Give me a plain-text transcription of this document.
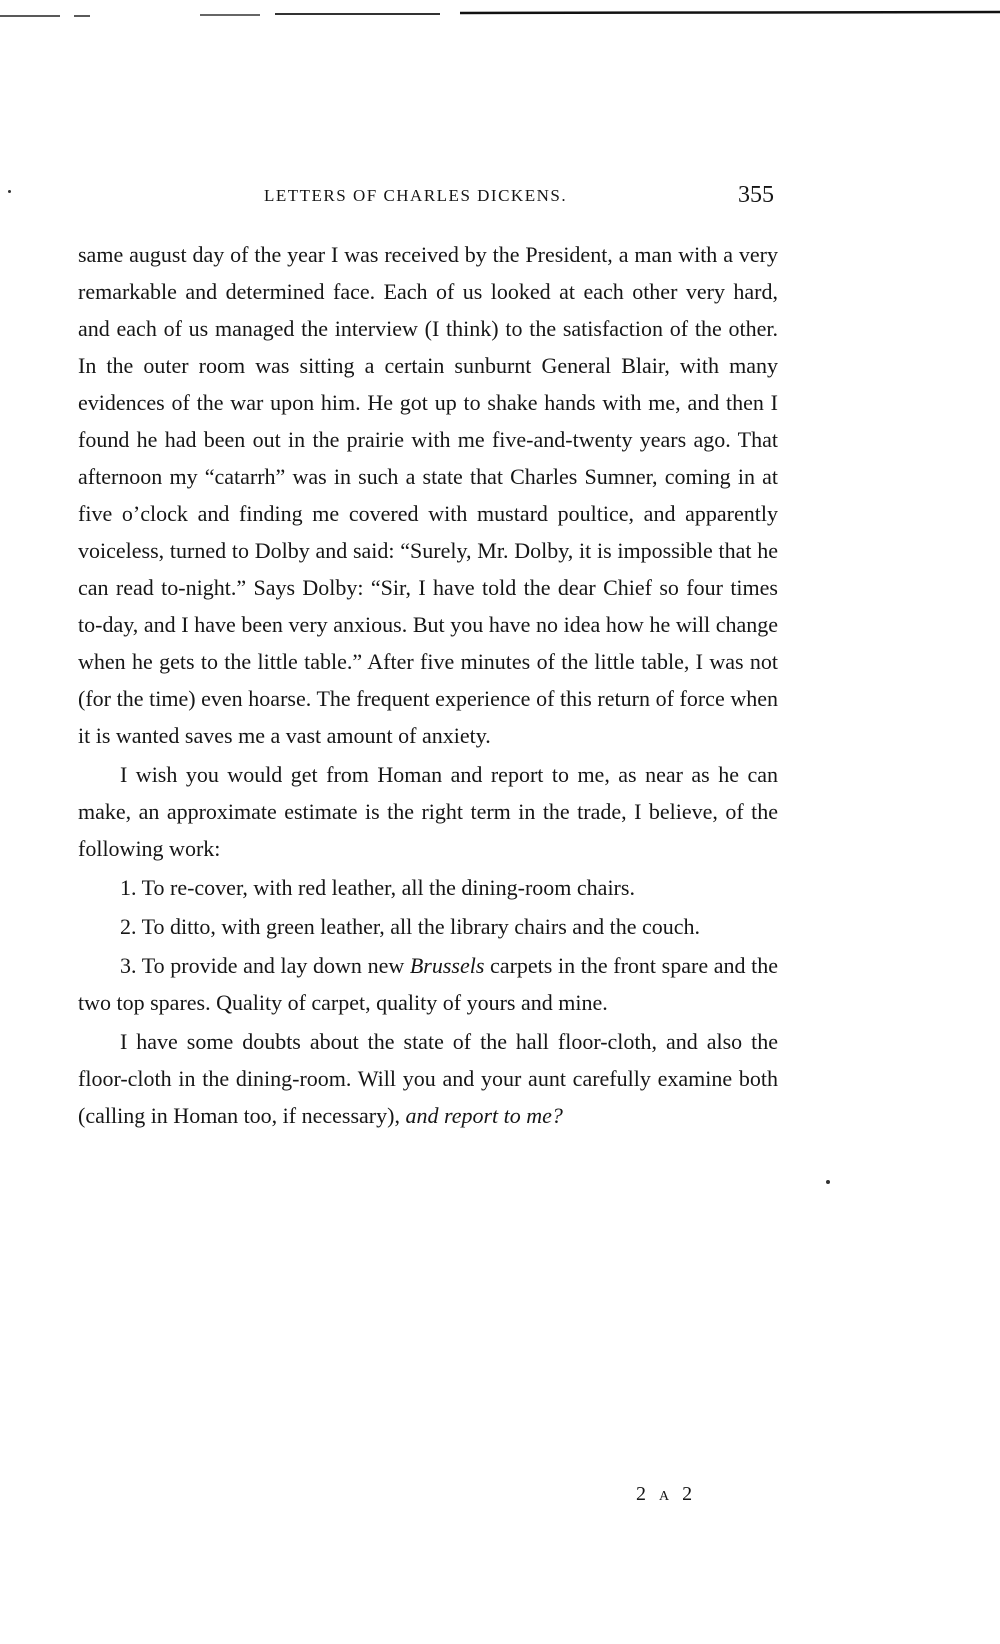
LETTERS OF CHARLES DICKENS.	355

same august day of the year I was received by the President, a man with a very remarkable and determined face. Each of us looked at each other very hard, and each of us managed the interview (I think) to the satisfaction of the other. In the outer room was sitting a certain sunburnt General Blair, with many evidences of the war upon him. He got up to shake hands with me, and then I found he had been out in the prairie with me five-and-twenty years ago. That afternoon my “catarrh” was in such a state that Charles Sumner, coming in at five o’clock and finding me covered with mustard poultice, and apparently voiceless, turned to Dolby and said: “Surely, Mr. Dolby, it is impossible that he can read to-night.” Says Dolby: “Sir, I have told the dear Chief so four times to-day, and I have been very anxious. But you have no idea how he will change when he gets to the little table.” After five minutes of the little table, I was not (for the time) even hoarse. The frequent experience of this return of force when it is wanted saves me a vast amount of anxiety.

I wish you would get from Homan and report to me, as near as he can make, an approximate estimate is the right term in the trade, I believe, of the following work:

1. To re-cover, with red leather, all the dining-room chairs.

2. To ditto, with green leather, all the library chairs and the couch.

3. To provide and lay down new Brussels carpets in the front spare and the two top spares. Quality of carpet, quality of yours and mine.

I have some doubts about the state of the hall floor-cloth, and also the floor-cloth in the dining-room. Will you and your aunt carefully examine both (calling in Homan too, if necessary), and report to me?

2 A 2
